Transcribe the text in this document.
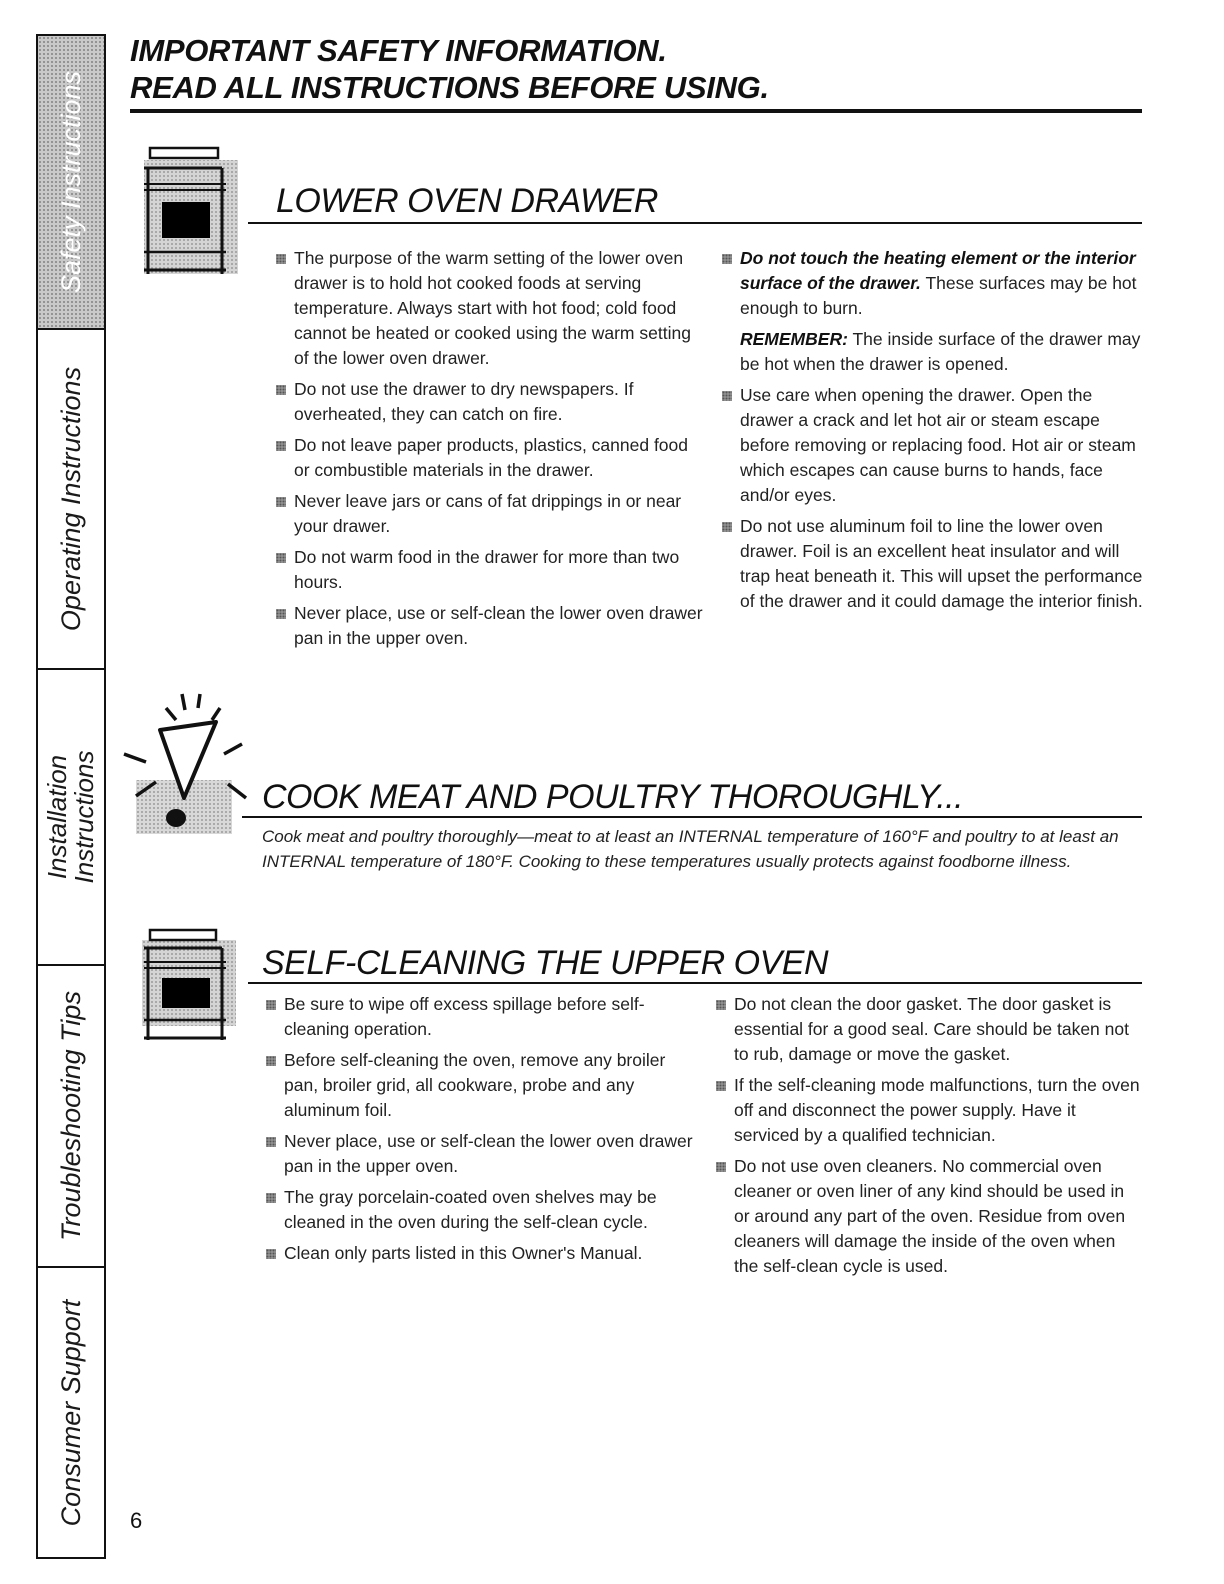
Safety Instructions
Operating Instructions
Installation
Instructions
Troubleshooting Tips
Consumer Support
IMPORTANT SAFETY INFORMATION.
READ ALL INSTRUCTIONS BEFORE USING.
LOWER OVEN DRAWER
The purpose of the warm setting of the lower oven drawer is to hold hot cooked foods at serving temperature. Always start with hot food; cold food cannot be heated or cooked using the warm setting of the lower oven drawer.
Do not use the drawer to dry newspapers. If overheated, they can catch on fire.
Do not leave paper products, plastics, canned food or combustible materials in the drawer.
Never leave jars or cans of fat drippings in or near your drawer.
Do not warm food in the drawer for more than two hours.
Never place, use or self-clean the lower oven drawer pan in the upper oven.
Do not touch the heating element or the interior surface of the drawer. These surfaces may be hot enough to burn.
REMEMBER: The inside surface of the drawer may be hot when the drawer is opened.
Use care when opening the drawer. Open the drawer a crack and let hot air or steam escape before removing or replacing food. Hot air or steam which escapes can cause burns to hands, face and/or eyes.
Do not use aluminum foil to line the lower oven drawer. Foil is an excellent heat insulator and will trap heat beneath it. This will upset the performance of the drawer and it could damage the interior finish.
COOK MEAT AND POULTRY THOROUGHLY...

Cook meat and poultry thoroughly—meat to at least an INTERNAL temperature of 160°F and poultry to at least an INTERNAL temperature of 180°F. Cooking to these temperatures usually protects against foodborne illness.

SELF-CLEANING THE UPPER OVEN
Be sure to wipe off excess spillage before self-cleaning operation.
Before self-cleaning the oven, remove any broiler pan, broiler grid, all cookware, probe and any aluminum foil.
Never place, use or self-clean the lower oven drawer pan in the upper oven.
The gray porcelain-coated oven shelves may be cleaned in the oven during the self-clean cycle.
Clean only parts listed in this Owner's Manual.
Do not clean the door gasket. The door gasket is essential for a good seal. Care should be taken not to rub, damage or move the gasket.
If the self-cleaning mode malfunctions, turn the oven off and disconnect the power supply. Have it serviced by a qualified technician.
Do not use oven cleaners. No commercial oven cleaner or oven liner of any kind should be used in or around any part of the oven. Residue from oven cleaners will damage the inside of the oven when the self-clean cycle is used.
6
